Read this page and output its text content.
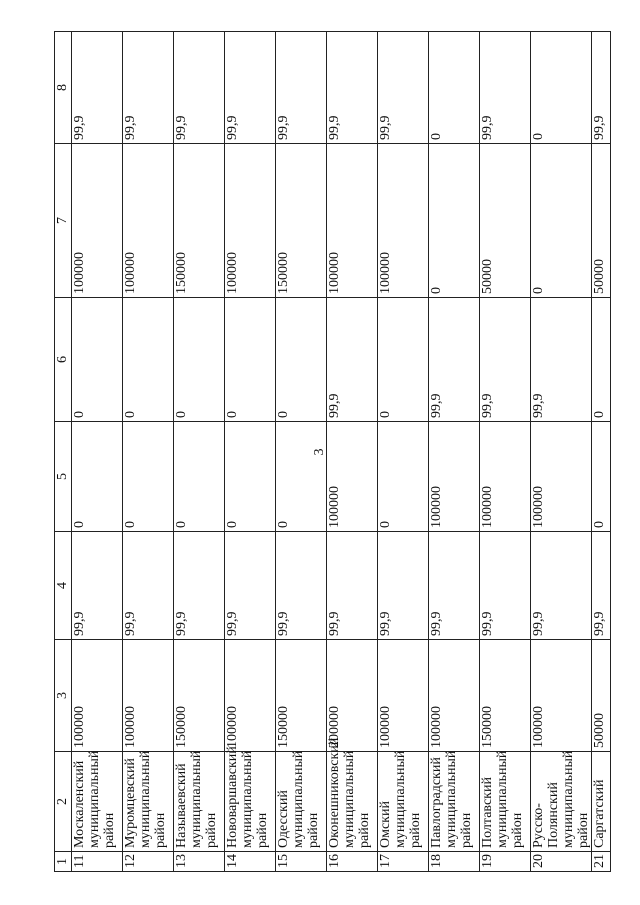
3
1	2	3	4	5	6	7	8
11	Москаленский муниципальный район	100000	99,9	0	0	100000	99,9
12	Муромцевский муниципальный район	100000	99,9	0	0	100000	99,9
13	Называевский муниципальный район	150000	99,9	0	0	150000	99,9
14	Нововаршавский муниципальный район	100000	99,9	0	0	100000	99,9
15	Одесский муниципальный район	150000	99,9	0	0	150000	99,9
16	Оконешниковский муниципальный район	200000	99,9	100000	99,9	100000	99,9
17	Омский муниципальный район	100000	99,9	0	0	100000	99,9
18	Павлоградский муниципальный район	100000	99,9	100000	99,9	0	0
19	Полтавский муниципальный район	150000	99,9	100000	99,9	50000	99,9
20	Русско-Полянский муниципальный район	100000	99,9	100000	99,9	0	0
21	Саргатский	50000	99,9	0	0	50000	99,9
